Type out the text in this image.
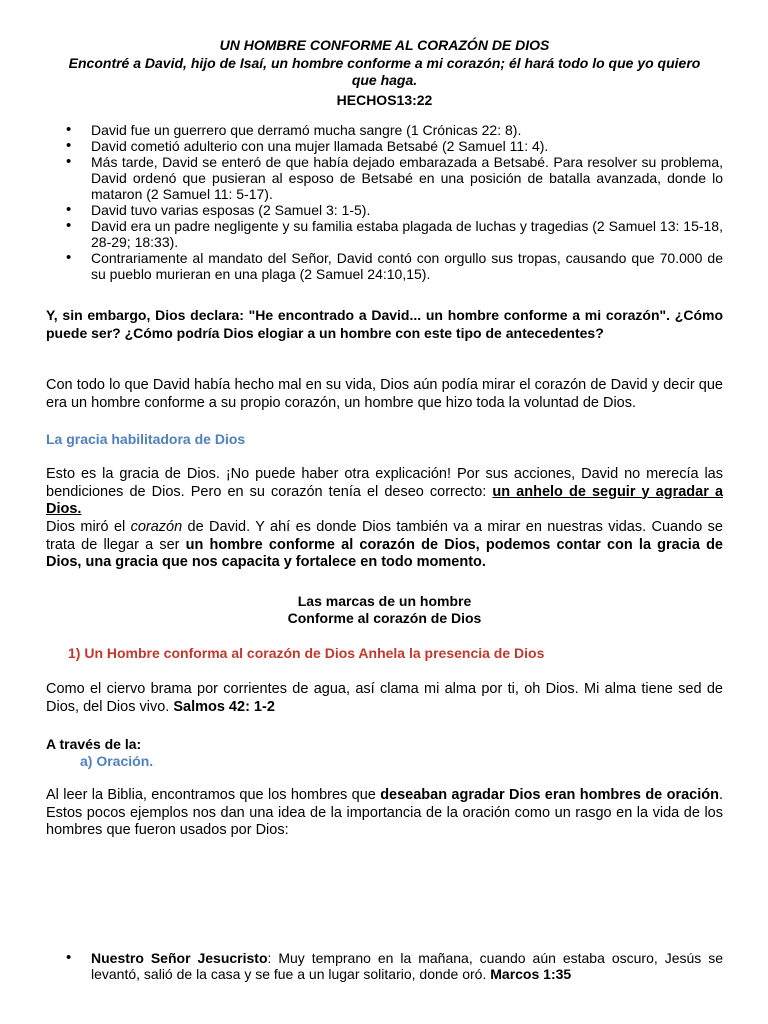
UN HOMBRE CONFORME AL CORAZÓN DE DIOS

Encontré a David, hijo de Isaí, un hombre conforme a mi corazón; él hará todo lo que yo quiero que haga.

HECHOS13:22

• David fue un guerrero que derramó mucha sangre (1 Crónicas 22: 8).
• David cometió adulterio con una mujer llamada Betsabé (2 Samuel 11: 4).
• Más tarde, David se enteró de que había dejado embarazada a Betsabé. Para resolver su problema, David ordenó que pusieran al esposo de Betsabé en una posición de batalla avanzada, donde lo mataron (2 Samuel 11: 5-17).
• David tuvo varias esposas (2 Samuel 3: 1-5).
• David era un padre negligente y su familia estaba plagada de luchas y tragedias (2 Samuel 13: 15-18, 28-29; 18:33).
• Contrariamente al mandato del Señor, David contó con orgullo sus tropas, causando que 70.000 de su pueblo murieran en una plaga (2 Samuel 24:10,15).

Y, sin embargo, Dios declara: "He encontrado a David... un hombre conforme a mi corazón". ¿Cómo puede ser? ¿Cómo podría Dios elogiar a un hombre con este tipo de antecedentes?

Con todo lo que David había hecho mal en su vida, Dios aún podía mirar el corazón de David y decir que era un hombre conforme a su propio corazón, un hombre que hizo toda la voluntad de Dios.

La gracia habilitadora de Dios

Esto es la gracia de Dios. ¡No puede haber otra explicación! Por sus acciones, David no merecía las bendiciones de Dios. Pero en su corazón tenía el deseo correcto: un anhelo de seguir y agradar a Dios.

Dios miró el corazón de David. Y ahí es donde Dios también va a mirar en nuestras vidas. Cuando se trata de llegar a ser un hombre conforme al corazón de Dios, podemos contar con la gracia de Dios, una gracia que nos capacita y fortalece en todo momento.

Las marcas de un hombre

Conforme al corazón de Dios

1) Un Hombre conforma al corazón de Dios Anhela la presencia de Dios

Como el ciervo brama por corrientes de agua, así clama mi alma por ti, oh Dios. Mi alma tiene sed de Dios, del Dios vivo. Salmos 42: 1-2

A través de la:

a) Oración.

Al leer la Biblia, encontramos que los hombres que deseaban agradar Dios eran hombres de oración. Estos pocos ejemplos nos dan una idea de la importancia de la oración como un rasgo en la vida de los hombres que fueron usados por Dios:

• Nuestro Señor Jesucristo: Muy temprano en la mañana, cuando aún estaba oscuro, Jesús se levantó, salió de la casa y se fue a un lugar solitario, donde oró. Marcos 1:35
